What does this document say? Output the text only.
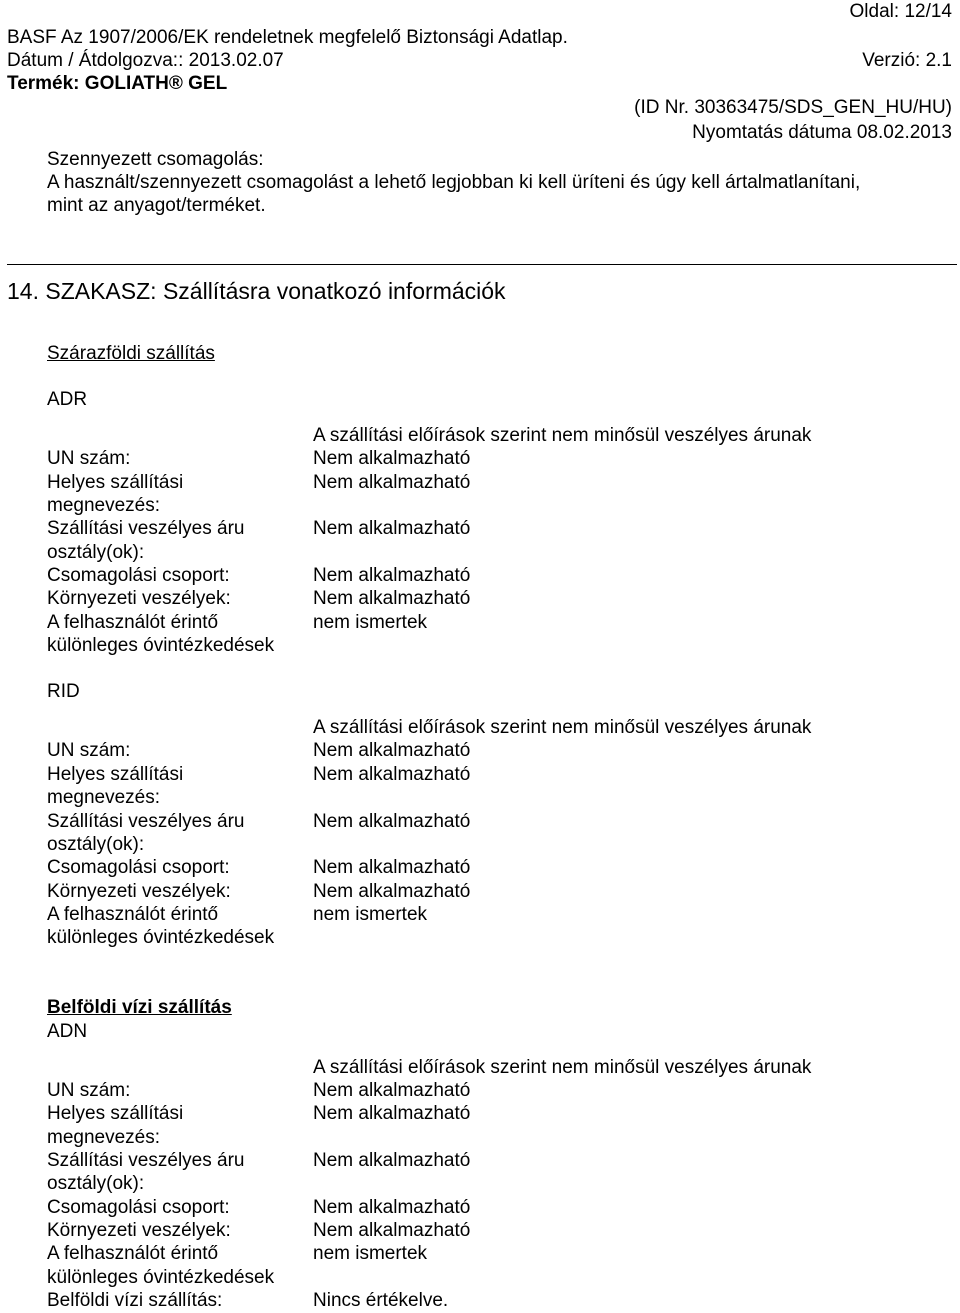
Oldal: 12/14
BASF Az 1907/2006/EK rendeletnek megfelelő Biztonsági Adatlap.
Dátum / Átdolgozva:: 2013.02.07	Verzió: 2.1
Termék: GOLIATH® GEL
(ID Nr. 30363475/SDS_GEN_HU/HU)
Nyomtatás dátuma 08.02.2013
Szennyezett csomagolás:
A használt/szennyezett csomagolást a lehető legjobban ki kell üríteni és úgy kell ártalmatlanítani,
mint az anyagot/terméket.
14. SZAKASZ: Szállításra vonatkozó információk
Szárazföldi szállítás
ADR
A szállítási előírások szerint nem minősül veszélyes árunak
UN szám:	Nem alkalmazható
Helyes szállítási	Nem alkalmazható
megnevezés:
Szállítási veszélyes áru	Nem alkalmazható
osztály(ok):
Csomagolási csoport:	Nem alkalmazható
Környezeti veszélyek:	Nem alkalmazható
A felhasználót érintő	nem ismertek
különleges óvintézkedések
RID
A szállítási előírások szerint nem minősül veszélyes árunak
UN szám:	Nem alkalmazható
Helyes szállítási	Nem alkalmazható
megnevezés:
Szállítási veszélyes áru	Nem alkalmazható
osztály(ok):
Csomagolási csoport:	Nem alkalmazható
Környezeti veszélyek:	Nem alkalmazható
A felhasználót érintő	nem ismertek
különleges óvintézkedések
Belföldi vízi szállítás
ADN
A szállítási előírások szerint nem minősül veszélyes árunak
UN szám:	Nem alkalmazható
Helyes szállítási	Nem alkalmazható
megnevezés:
Szállítási veszélyes áru	Nem alkalmazható
osztály(ok):
Csomagolási csoport:	Nem alkalmazható
Környezeti veszélyek:	Nem alkalmazható
A felhasználót érintő	nem ismertek
különleges óvintézkedések
Belföldi vízi szállítás:	Nincs értékelve.
